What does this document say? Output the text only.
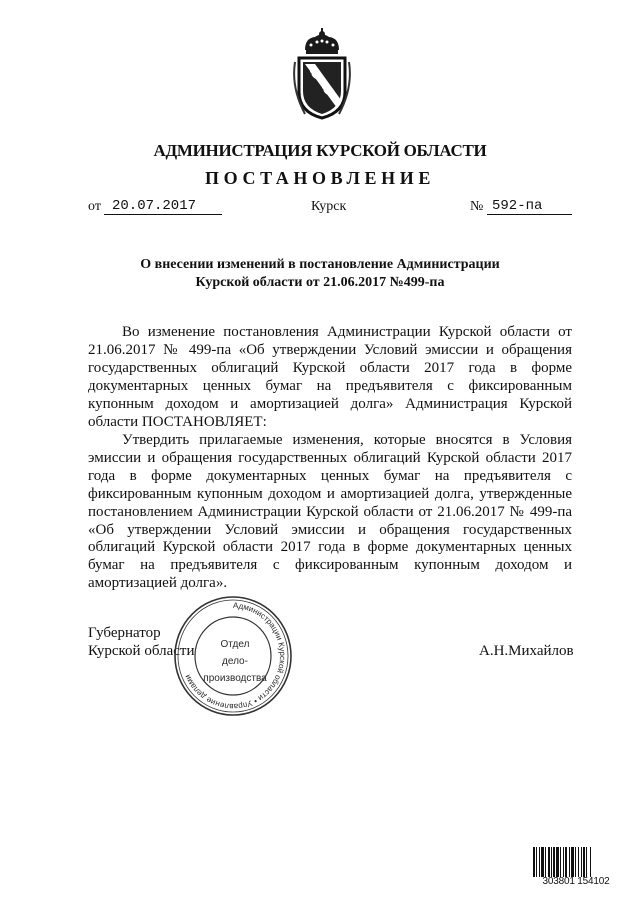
АДМИНИСТРАЦИЯ КУРСКОЙ ОБЛАСТИ
ПОСТАНОВЛЕНИЕ
от 20.07.2017	Курск	№ 592-па
О внесении изменений в постановление Администрации
Курской области от 21.06.2017 №499-па

Во изменение постановления Администрации Курской области от 21.06.2017 № 499-па «Об утверждении Условий эмиссии и обращения государственных облигаций Курской области 2017 года в форме документарных ценных бумаг на предъявителя с фиксированным купонным доходом и амортизацией долга» Администрация Курской области ПОСТАНОВЛЯЕТ:

Утвердить прилагаемые изменения, которые вносятся в Условия эмиссии и обращения государственных облигаций Курской области 2017 года в форме документарных ценных бумаг на предъявителя с фиксированным купонным доходом и амортизацией долга, утвержденные постановлением Администрации Курской области от 21.06.2017 № 499-па «Об утверждении Условий эмиссии и обращения государственных облигаций Курской области 2017 года в форме документарных ценных бумаг на предъявителя с фиксированным купонным доходом и амортизацией долга».

Губернатор
Курской области	А.Н.Михайлов
Администрации Курской области • Управление делами
Отдел
дело-
производства
303801 154102
